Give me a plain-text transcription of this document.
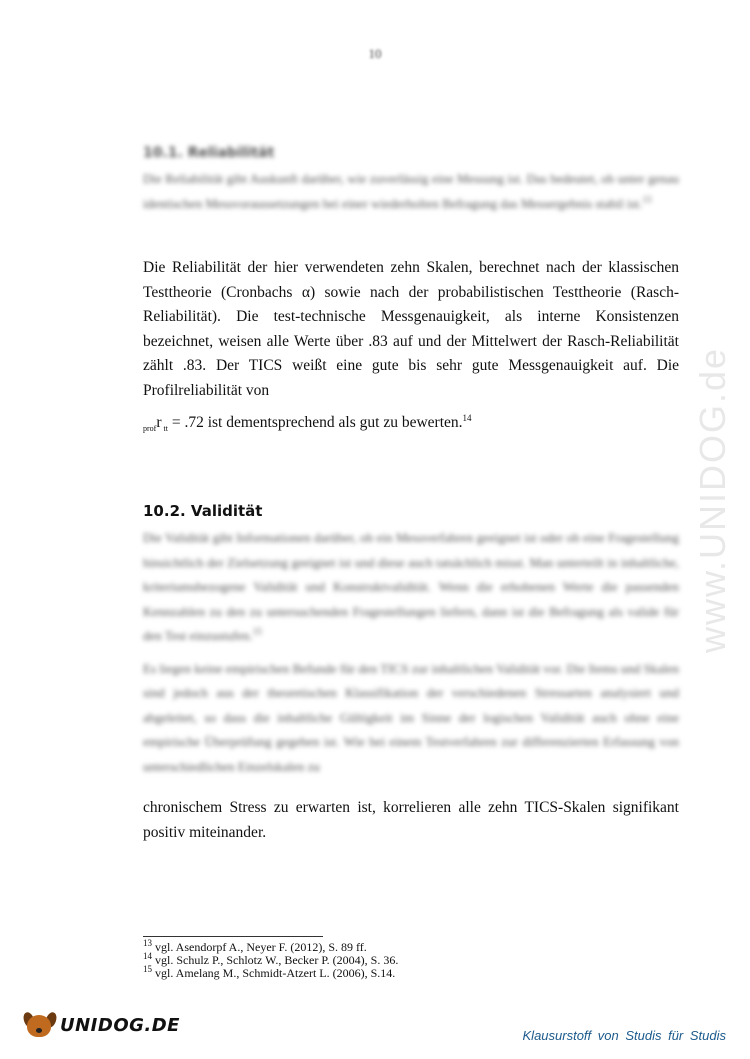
10
www.UNIDOG.de
10.1. Reliabilität

Die Reliabilität gibt Auskunft darüber, wie zuverlässig eine Messung ist. Das bedeutet, ob unter genau identischen Messvoraussetzungen bei einer wiederholten Befragung das Messergebnis stabil ist.$^{13}$

Die Reliabilität der hier verwendeten zehn Skalen, berechnet nach der klassischen Testtheorie (Cronbachs α) sowie nach der probabilistischen Testtheorie (Rasch-Reliabilität). Die test-technische Messgenauigkeit, als interne Konsistenzen bezeichnet, weisen alle Werte über .83 auf und der Mittelwert der Rasch-Reliabilität zählt .83. Der TICS weißt eine gute bis sehr gute Messgenauigkeit auf. Die Profilreliabilität von

$_{prof}$r $_{tt}$ = .72 ist dementsprechend als gut zu bewerten.$^{14}$

10.2. Validität

Die Validität gibt Informationen darüber, ob ein Messverfahren geeignet ist oder ob eine Fragestellung hinsichtlich der Zielsetzung geeignet ist und diese auch tatsächlich misst. Man unterteilt in inhaltliche, kriteriumsbezogene Validität und Konstruktvalidität. Wenn die erhobenen Werte die passenden Kennzahlen zu den zu untersuchenden Fragestellungen liefern, dann ist die Befragung als valide für den Test einzustufen.$^{15}$

Es liegen keine empirischen Befunde für den TICS zur inhaltlichen Validität vor. Die Items und Skalen sind jedoch aus der theoretischen Klassifikation der verschiedenen Stressarten analysiert und abgeleitet, so dass die inhaltliche Gültigkeit im Sinne der logischen Validität auch ohne eine empirische Überprüfung gegeben ist. Wie bei einem Testverfahren zur differenzierten Erfassung von unterschiedlichen Einzelskalen zu

chronischem Stress zu erwarten ist, korrelieren alle zehn TICS-Skalen signifikant positiv miteinander.

$^{13}$ vgl. Asendorpf A., Neyer F. (2012), S. 89 ff.
$^{14}$ vgl. Schulz P., Schlotz W., Becker P. (2004), S. 36.
$^{15}$ vgl. Amelang M., Schmidt-Atzert L. (2006), S.14.
UNIDOG.DE	Klausurstoff von Studis für Studis
